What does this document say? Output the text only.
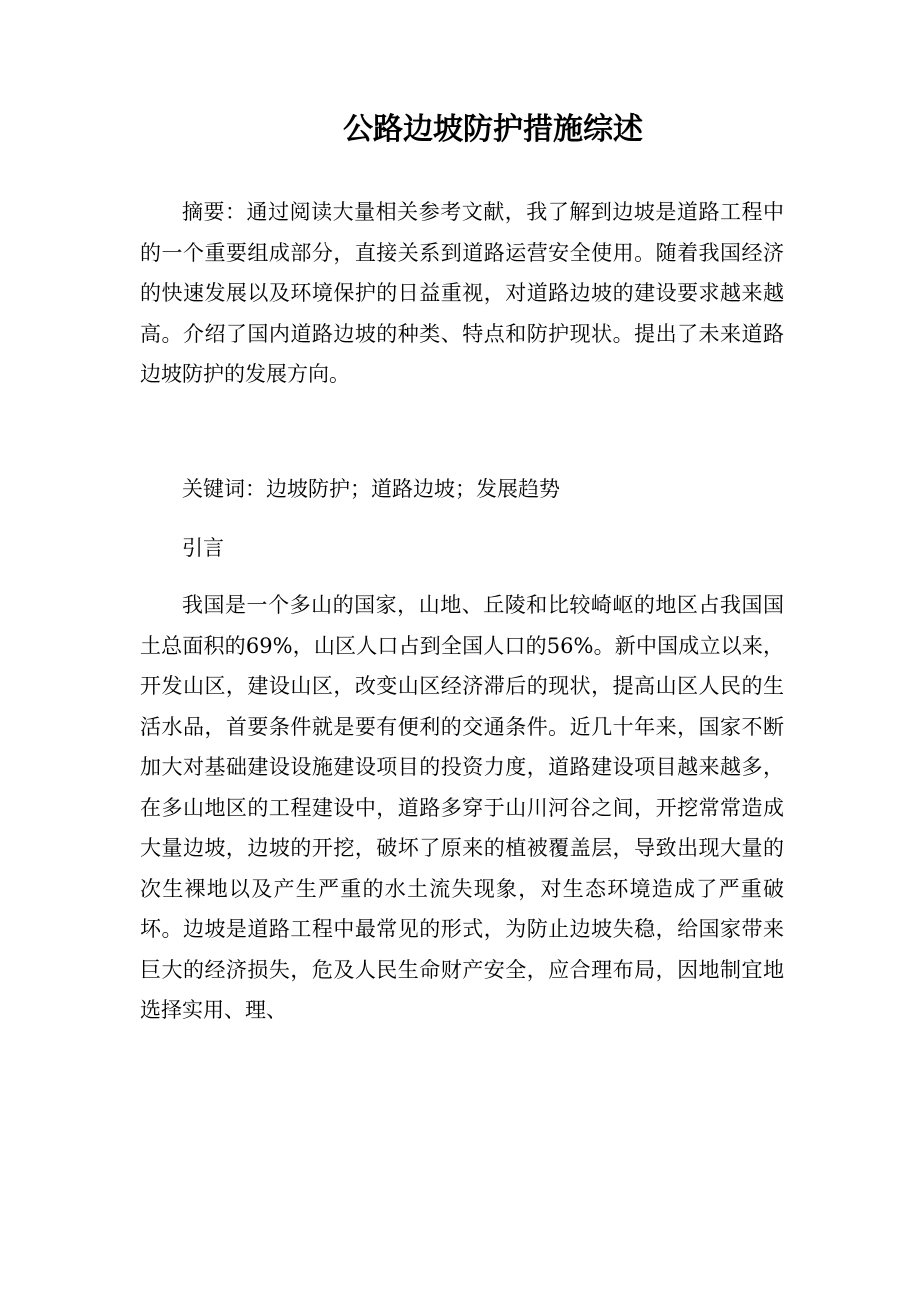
公路边坡防护措施综述

摘要：通过阅读大量相关参考文献，我了解到边坡是道路工程中的一个重要组成部分，直接关系到道路运营安全使用。随着我国经济的快速发展以及环境保护的日益重视，对道路边坡的建设要求越来越高。介绍了国内道路边坡的种类、特点和防护现状。提出了未来道路边坡防护的发展方向。

关键词：边坡防护；道路边坡；发展趋势

引言

我国是一个多山的国家，山地、丘陵和比较崎岖的地区占我国国土总面积的69%，山区人口占到全国人口的56%。新中国成立以来，开发山区，建设山区，改变山区经济滞后的现状，提高山区人民的生活水品，首要条件就是要有便利的交通条件。近几十年来，国家不断加大对基础建设设施建设项目的投资力度，道路建设项目越来越多，在多山地区的工程建设中，道路多穿于山川河谷之间，开挖常常造成大量边坡，边坡的开挖，破坏了原来的植被覆盖层，导致出现大量的次生裸地以及产生严重的水土流失现象，对生态环境造成了严重破坏。边坡是道路工程中最常见的形式，为防止边坡失稳，给国家带来巨大的经济损失，危及人民生命财产安全，应合理布局，因地制宜地选择实用、理、
